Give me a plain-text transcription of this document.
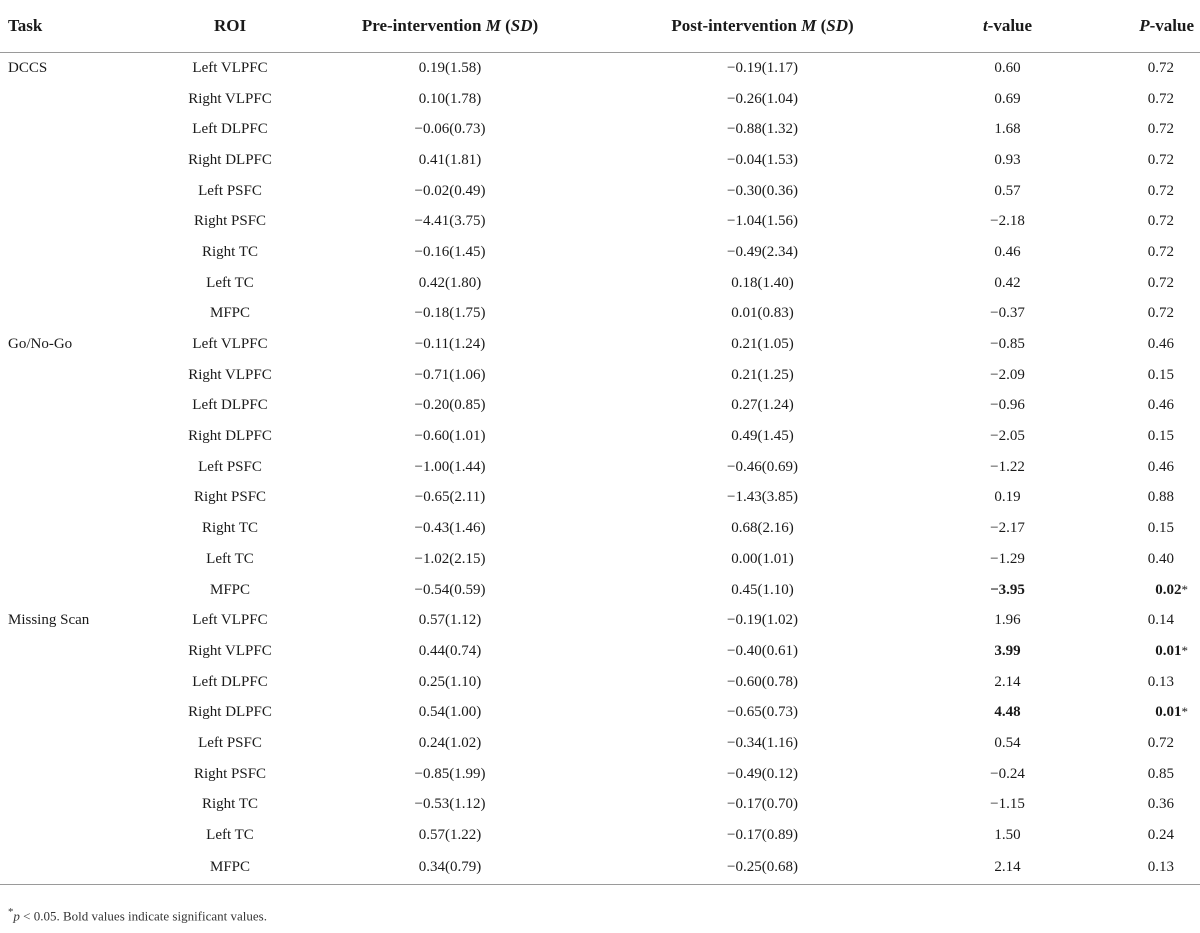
Task	ROI	Pre-intervention M (SD)	Post-intervention M (SD)	t-value	P-value
DCCS	Left VLPFC	0.19(1.58)	−0.19(1.17)	0.60	0.72
	Right VLPFC	0.10(1.78)	−0.26(1.04)	0.69	0.72
	Left DLPFC	−0.06(0.73)	−0.88(1.32)	1.68	0.72
	Right DLPFC	0.41(1.81)	−0.04(1.53)	0.93	0.72
	Left PSFC	−0.02(0.49)	−0.30(0.36)	0.57	0.72
	Right PSFC	−4.41(3.75)	−1.04(1.56)	−2.18	0.72
	Right TC	−0.16(1.45)	−0.49(2.34)	0.46	0.72
	Left TC	0.42(1.80)	0.18(1.40)	0.42	0.72
	MFPC	−0.18(1.75)	0.01(0.83)	−0.37	0.72
Go/No-Go	Left VLPFC	−0.11(1.24)	0.21(1.05)	−0.85	0.46
	Right VLPFC	−0.71(1.06)	0.21(1.25)	−2.09	0.15
	Left DLPFC	−0.20(0.85)	0.27(1.24)	−0.96	0.46
	Right DLPFC	−0.60(1.01)	0.49(1.45)	−2.05	0.15
	Left PSFC	−1.00(1.44)	−0.46(0.69)	−1.22	0.46
	Right PSFC	−0.65(2.11)	−1.43(3.85)	0.19	0.88
	Right TC	−0.43(1.46)	0.68(2.16)	−2.17	0.15
	Left TC	−1.02(2.15)	0.00(1.01)	−1.29	0.40
	MFPC	−0.54(0.59)	0.45(1.10)	−3.95	0.02*
Missing Scan	Left VLPFC	0.57(1.12)	−0.19(1.02)	1.96	0.14
	Right VLPFC	0.44(0.74)	−0.40(0.61)	3.99	0.01*
	Left DLPFC	0.25(1.10)	−0.60(0.78)	2.14	0.13
	Right DLPFC	0.54(1.00)	−0.65(0.73)	4.48	0.01*
	Left PSFC	0.24(1.02)	−0.34(1.16)	0.54	0.72
	Right PSFC	−0.85(1.99)	−0.49(0.12)	−0.24	0.85
	Right TC	−0.53(1.12)	−0.17(0.70)	−1.15	0.36
	Left TC	0.57(1.22)	−0.17(0.89)	1.50	0.24
	MFPC	0.34(0.79)	−0.25(0.68)	2.14	0.13
*p < 0.05. Bold values indicate significant values.
